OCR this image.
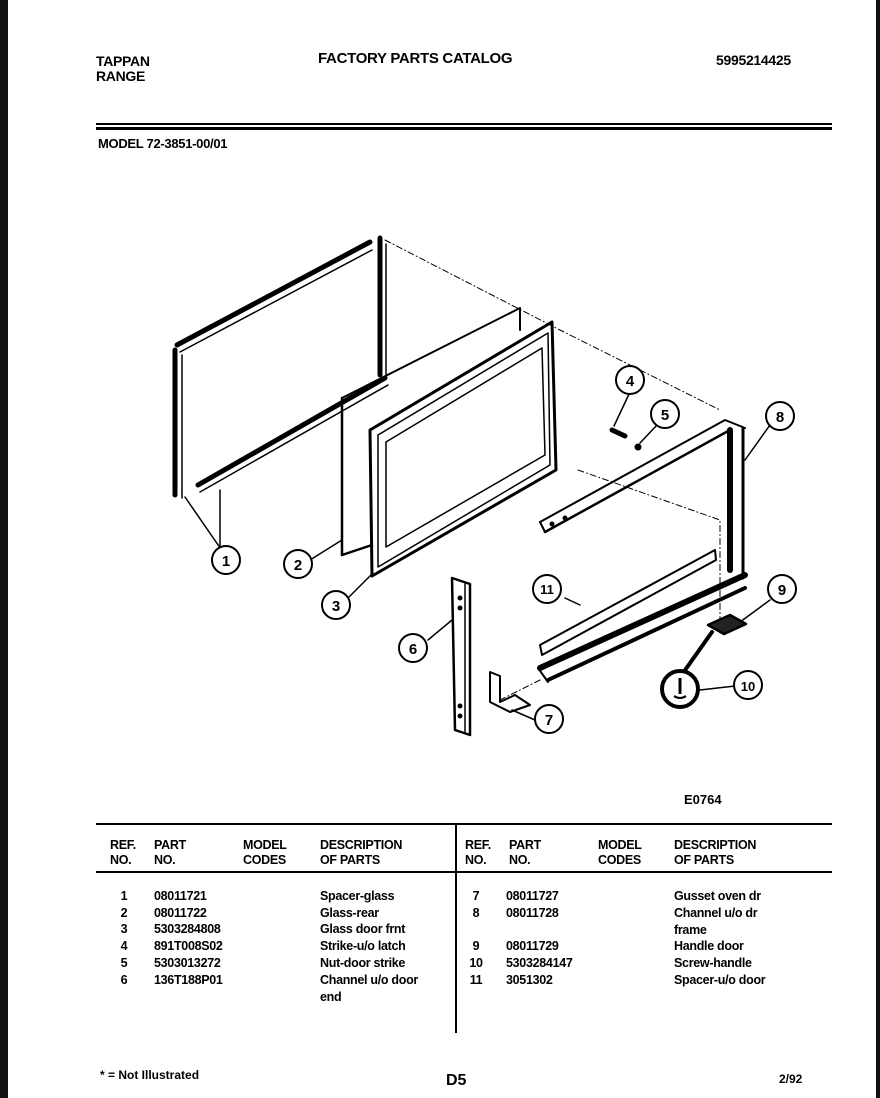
TAPPAN
RANGE
FACTORY PARTS CATALOG	5995214425
MODEL 72-3851-00/01
1	2
3
4
5
6
7
8
9
10
11
E0764
REF.
NO.
PART
NO.
MODEL
CODES
DESCRIPTION
OF PARTS
REF.
NO.
PART
NO.
MODEL
CODES
DESCRIPTION
OF PARTS
1	08011721	Spacer-glass
2	08011722	Glass-rear
3	5303284808	Glass door frnt
4	891T008S02	Strike-u/o latch
5	5303013272	Nut-door strike
6	136T188P01	Channel u/o door end
7	08011727	Gusset oven dr
8	08011728	Channel u/o dr frame
9	08011729	Handle door
10	5303284147	Screw-handle
11	3051302	Spacer-u/o door
* = Not Illustrated	D5	2/92
